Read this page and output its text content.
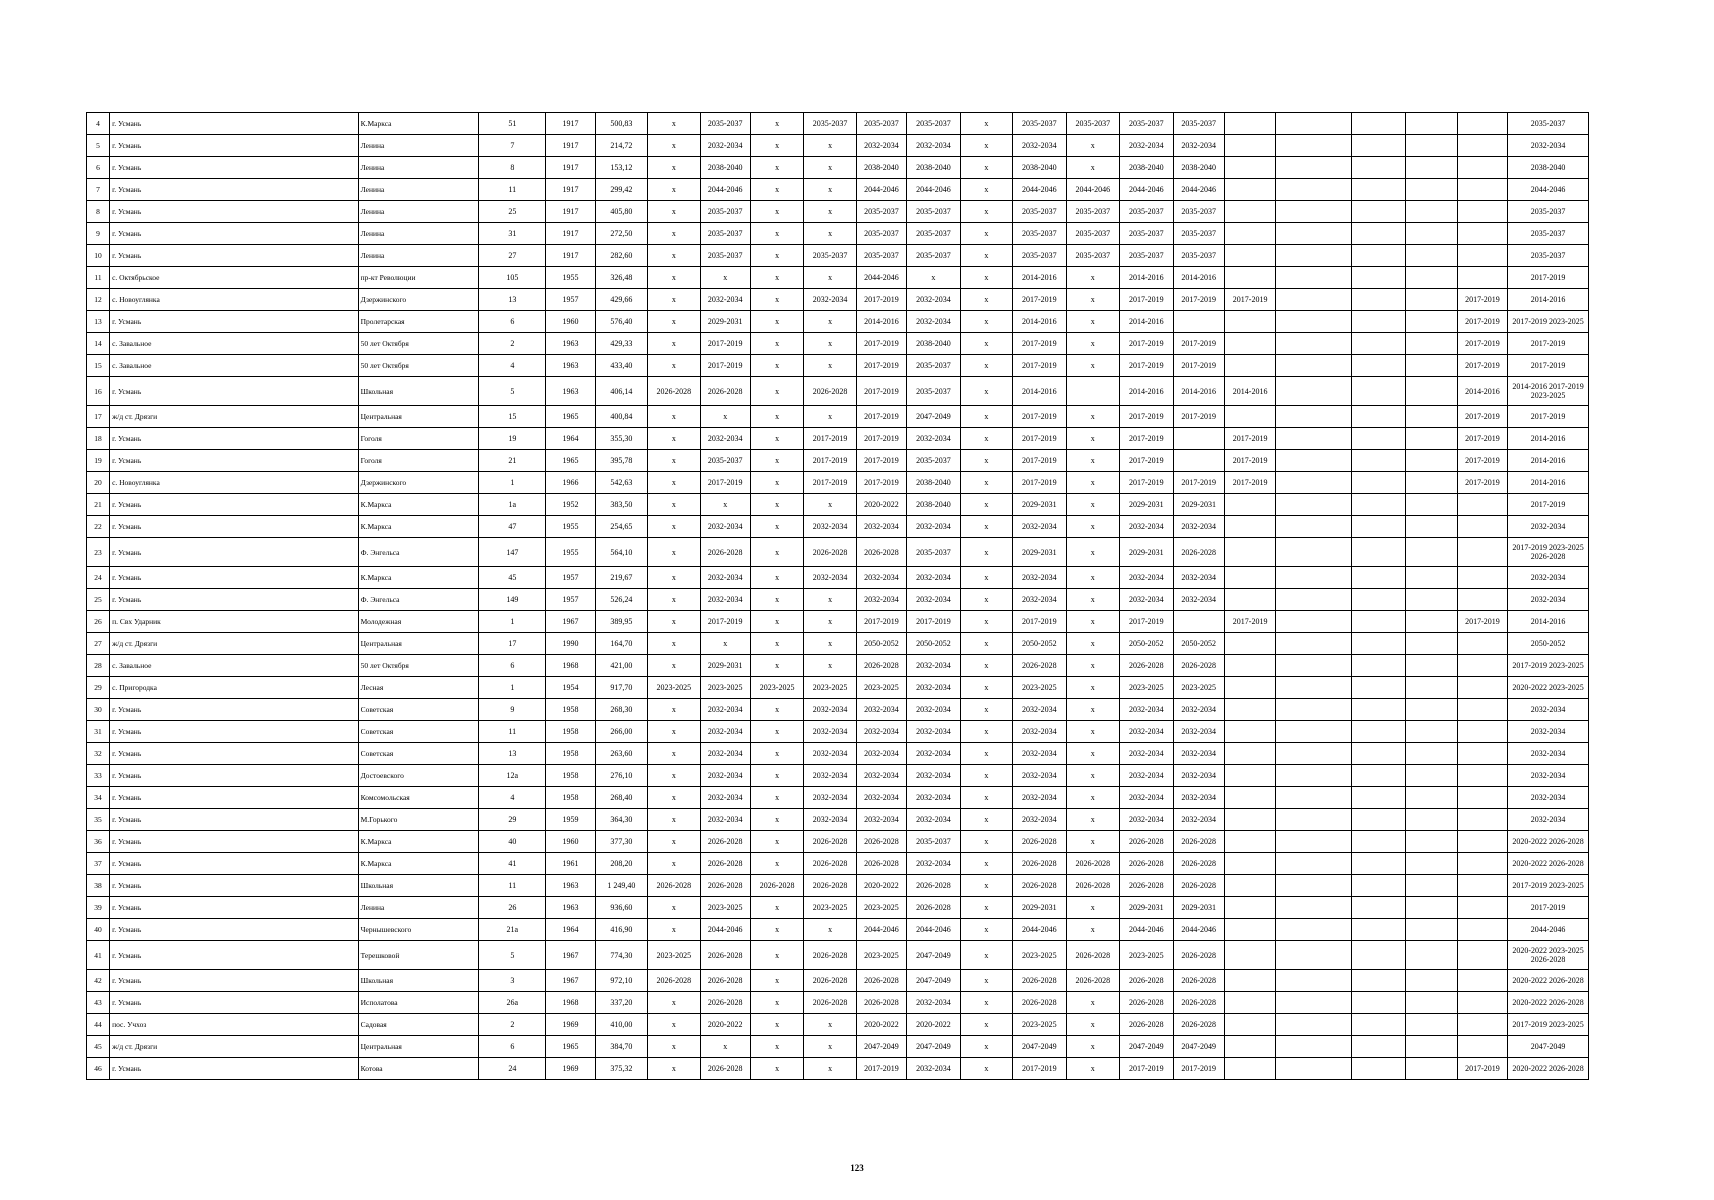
4	г. Усмань	К.Маркса	51	1917	500,83	х	2035-2037	х	2035-2037	2035-2037	2035-2037	х	2035-2037	2035-2037	2035-2037	2035-2037						2035-2037
5	г. Усмань	Ленина	7	1917	214,72	х	2032-2034	х	х	2032-2034	2032-2034	х	2032-2034	х	2032-2034	2032-2034						2032-2034
6	г. Усмань	Ленина	8	1917	153,12	х	2038-2040	х	х	2038-2040	2038-2040	х	2038-2040	х	2038-2040	2038-2040						2038-2040
7	г. Усмань	Ленина	11	1917	299,42	х	2044-2046	х	х	2044-2046	2044-2046	х	2044-2046	2044-2046	2044-2046	2044-2046						2044-2046
8	г. Усмань	Ленина	25	1917	405,80	х	2035-2037	х	х	2035-2037	2035-2037	х	2035-2037	2035-2037	2035-2037	2035-2037						2035-2037
9	г. Усмань	Ленина	31	1917	272,50	х	2035-2037	х	х	2035-2037	2035-2037	х	2035-2037	2035-2037	2035-2037	2035-2037						2035-2037
10	г. Усмань	Ленина	27	1917	282,60	х	2035-2037	х	2035-2037	2035-2037	2035-2037	х	2035-2037	2035-2037	2035-2037	2035-2037						2035-2037
11	с. Октябрьское	пр-кт Революции	105	1955	326,48	х	х	х	х	2044-2046	х	х	2014-2016	х	2014-2016	2014-2016						2017-2019
12	с. Новоуглянка	Дзержинского	13	1957	429,66	х	2032-2034	х	2032-2034	2017-2019	2032-2034	х	2017-2019	х	2017-2019	2017-2019	2017-2019				2017-2019	2014-2016
13	г. Усмань	Пролетарская	6	1960	576,40	х	2029-2031	х	х	2014-2016	2032-2034	х	2014-2016	х	2014-2016						2017-2019	2017-2019 2023-2025
14	с. Завальное	50 лет Октября	2	1963	429,33	х	2017-2019	х	х	2017-2019	2038-2040	х	2017-2019	х	2017-2019	2017-2019					2017-2019	2017-2019
15	с. Завальное	50 лет Октября	4	1963	433,40	х	2017-2019	х	х	2017-2019	2035-2037	х	2017-2019	х	2017-2019	2017-2019					2017-2019	2017-2019
16	г. Усмань	Школьная	5	1963	406,14	2026-2028	2026-2028	х	2026-2028	2017-2019	2035-2037	х	2014-2016		2014-2016	2014-2016	2014-2016				2014-2016	2014-2016 2017-2019 2023-2025
17	ж/д ст. Дрязги	Центральная	15	1965	400,84	х	х	х	х	2017-2019	2047-2049	х	2017-2019	х	2017-2019	2017-2019					2017-2019	2017-2019
18	г. Усмань	Гоголя	19	1964	355,30	х	2032-2034	х	2017-2019	2017-2019	2032-2034	х	2017-2019	х	2017-2019		2017-2019				2017-2019	2014-2016
19	г. Усмань	Гоголя	21	1965	395,78	х	2035-2037	х	2017-2019	2017-2019	2035-2037	х	2017-2019	х	2017-2019		2017-2019				2017-2019	2014-2016
20	с. Новоуглянка	Дзержинского	1	1966	542,63	х	2017-2019	х	2017-2019	2017-2019	2038-2040	х	2017-2019	х	2017-2019	2017-2019	2017-2019				2017-2019	2014-2016
21	г. Усмань	К.Маркса	1а	1952	383,50	х	х	х	х	2020-2022	2038-2040	х	2029-2031	х	2029-2031	2029-2031						2017-2019
22	г. Усмань	К.Маркса	47	1955	254,65	х	2032-2034	х	2032-2034	2032-2034	2032-2034	х	2032-2034	х	2032-2034	2032-2034						2032-2034
23	г. Усмань	Ф. Энгельса	147	1955	564,10	х	2026-2028	х	2026-2028	2026-2028	2035-2037	х	2029-2031	х	2029-2031	2026-2028						2017-2019 2023-2025 2026-2028
24	г. Усмань	К.Маркса	45	1957	219,67	х	2032-2034	х	2032-2034	2032-2034	2032-2034	х	2032-2034	х	2032-2034	2032-2034						2032-2034
25	г. Усмань	Ф. Энгельса	149	1957	526,24	х	2032-2034	х	х	2032-2034	2032-2034	х	2032-2034	х	2032-2034	2032-2034						2032-2034
26	п. Свх Ударник	Молодежная	1	1967	389,95	х	2017-2019	х	х	2017-2019	2017-2019	х	2017-2019	х	2017-2019		2017-2019				2017-2019	2014-2016
27	ж/д ст. Дрязги	Центральная	17	1990	164,70	х	х	х	х	2050-2052	2050-2052	х	2050-2052	х	2050-2052	2050-2052						2050-2052
28	с. Завальное	50 лет Октября	6	1968	421,00	х	2029-2031	х	х	2026-2028	2032-2034	х	2026-2028	х	2026-2028	2026-2028						2017-2019 2023-2025
29	с. Пригородка	Лесная	1	1954	917,70	2023-2025	2023-2025	2023-2025	2023-2025	2023-2025	2032-2034	х	2023-2025	х	2023-2025	2023-2025						2020-2022 2023-2025
30	г. Усмань	Советская	9	1958	268,30	х	2032-2034	х	2032-2034	2032-2034	2032-2034	х	2032-2034	х	2032-2034	2032-2034						2032-2034
31	г. Усмань	Советская	11	1958	266,00	х	2032-2034	х	2032-2034	2032-2034	2032-2034	х	2032-2034	х	2032-2034	2032-2034						2032-2034
32	г. Усмань	Советская	13	1958	263,60	х	2032-2034	х	2032-2034	2032-2034	2032-2034	х	2032-2034	х	2032-2034	2032-2034						2032-2034
33	г. Усмань	Достоевского	12а	1958	276,10	х	2032-2034	х	2032-2034	2032-2034	2032-2034	х	2032-2034	х	2032-2034	2032-2034						2032-2034
34	г. Усмань	Комсомольская	4	1958	268,40	х	2032-2034	х	2032-2034	2032-2034	2032-2034	х	2032-2034	х	2032-2034	2032-2034						2032-2034
35	г. Усмань	М.Горького	29	1959	364,30	х	2032-2034	х	2032-2034	2032-2034	2032-2034	х	2032-2034	х	2032-2034	2032-2034						2032-2034
36	г. Усмань	К.Маркса	40	1960	377,30	х	2026-2028	х	2026-2028	2026-2028	2035-2037	х	2026-2028	х	2026-2028	2026-2028						2020-2022 2026-2028
37	г. Усмань	К.Маркса	41	1961	208,20	х	2026-2028	х	2026-2028	2026-2028	2032-2034	х	2026-2028	2026-2028	2026-2028	2026-2028						2020-2022 2026-2028
38	г. Усмань	Школьная	11	1963	1 249,40	2026-2028	2026-2028	2026-2028	2026-2028	2020-2022	2026-2028	х	2026-2028	2026-2028	2026-2028	2026-2028						2017-2019 2023-2025
39	г. Усмань	Ленина	26	1963	936,60	х	2023-2025	х	2023-2025	2023-2025	2026-2028	х	2029-2031	х	2029-2031	2029-2031						2017-2019
40	г. Усмань	Чернышевского	21а	1964	416,90	х	2044-2046	х	х	2044-2046	2044-2046	х	2044-2046	х	2044-2046	2044-2046						2044-2046
41	г. Усмань	Терешковой	5	1967	774,30	2023-2025	2026-2028	х	2026-2028	2023-2025	2047-2049	х	2023-2025	2026-2028	2023-2025	2026-2028						2020-2022 2023-2025 2026-2028
42	г. Усмань	Школьная	3	1967	972,10	2026-2028	2026-2028	х	2026-2028	2026-2028	2047-2049	х	2026-2028	2026-2028	2026-2028	2026-2028						2020-2022 2026-2028
43	г. Усмань	Исполатова	26а	1968	337,20	х	2026-2028	х	2026-2028	2026-2028	2032-2034	х	2026-2028	х	2026-2028	2026-2028						2020-2022 2026-2028
44	пос. Учхоз	Садовая	2	1969	410,00	х	2020-2022	х	х	2020-2022	2020-2022	х	2023-2025	х	2026-2028	2026-2028						2017-2019 2023-2025
45	ж/д ст. Дрязги	Центральная	6	1965	384,70	х	х	х	х	2047-2049	2047-2049	х	2047-2049	х	2047-2049	2047-2049						2047-2049
46	г. Усмань	Котова	24	1969	375,32	х	2026-2028	х	х	2017-2019	2032-2034	х	2017-2019	х	2017-2019	2017-2019					2017-2019	2020-2022 2026-2028
123
